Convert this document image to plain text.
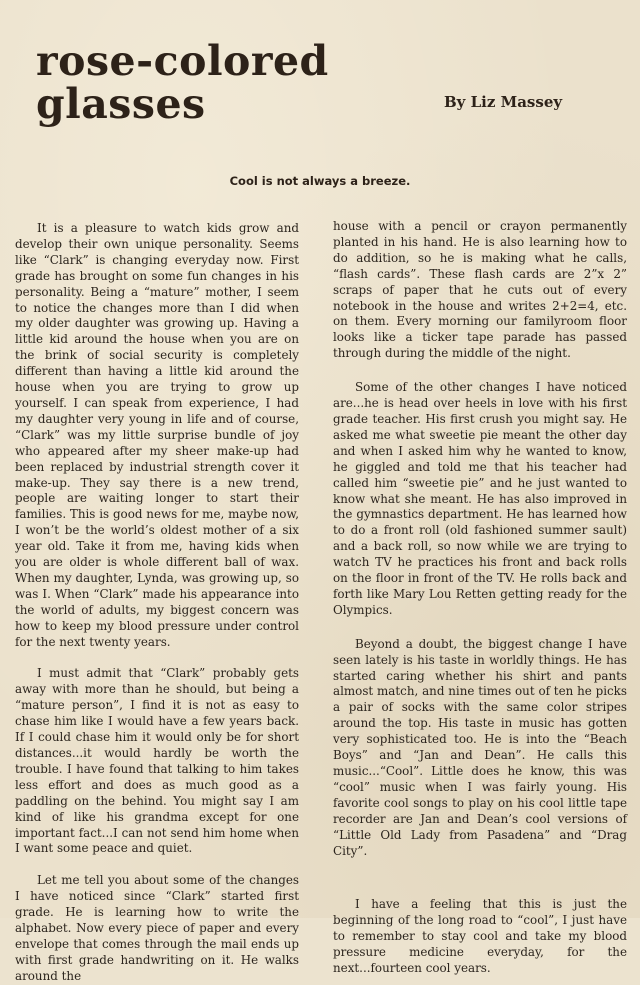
rose-colored
glasses	By Liz Massey
Cool is not always a breeze.

It is a pleasure to watch kids grow and develop their own unique personality. Seems like “Clark” is changing everyday now. First grade has brought on some fun changes in his personality. Being a “mature” mother, I seem to notice the changes more than I did when my older daughter was growing up. Having a little kid around the house when you are on the brink of social security is completely different than having a little kid around the house when you are trying to grow up yourself. I can speak from experience, I had my daughter very young in life and of course, “Clark” was my little surprise bundle of joy who appeared after my sheer make-up had been replaced by industrial strength cover it make-up. They say there is a new trend, people are waiting longer to start their families. This is good news for me, maybe now, I won’t be the world’s oldest mother of a six year old. Take it from me, having kids when you are older is whole different ball of wax. When my daughter, Lynda, was growing up, so was I. When “Clark” made his appearance into the world of adults, my biggest concern was how to keep my blood pressure under control for the next twenty years.

I must admit that “Clark” probably gets away with more than he should, but being a “mature person”, I find it is not as easy to chase him like I would have a few years back. If I could chase him it would only be for short distances...it would hardly be worth the trouble. I have found that talking to him takes less effort and does as much good as a paddling on the behind. You might say I am kind of like his grandma except for one important fact...I can not send him home when I want some peace and quiet.

Let me tell you about some of the changes I have noticed since “Clark” started first grade. He is learning how to write the alphabet. Now every piece of paper and every envelope that comes through the mail ends up with first grade handwriting on it. He walks around the

house with a pencil or crayon permanently planted in his hand. He is also learning how to do addition, so he is making what he calls, “flash cards”. These flash cards are 2”x 2” scraps of paper that he cuts out of every notebook in the house and writes 2+2=4, etc. on them. Every morning our familyroom floor looks like a ticker tape parade has passed through during the middle of the night.

Some of the other changes I have noticed are...he is head over heels in love with his first grade teacher. His first crush you might say. He asked me what sweetie pie meant the other day and when I asked him why he wanted to know, he giggled and told me that his teacher had called him “sweetie pie” and he just wanted to know what she meant. He has also improved in the gymnastics department. He has learned how to do a front roll (old fashioned summer sault) and a back roll, so now while we are trying to watch TV he practices his front and back rolls on the floor in front of the TV. He rolls back and forth like Mary Lou Retten getting ready for the Olympics.

Beyond a doubt, the biggest change I have seen lately is his taste in worldly things. He has started caring whether his shirt and pants almost match, and nine times out of ten he picks a pair of socks with the same color stripes around the top. His taste in music has gotten very sophisticated too. He is into the “Beach Boys” and “Jan and Dean”. He calls this music...“Cool”. Little does he know, this was “cool” music when I was fairly young. His favorite cool songs to play on his cool little tape recorder are Jan and Dean’s cool versions of “Little Old Lady from Pasadena” and “Drag City”.

I have a feeling that this is just the beginning of the long road to “cool”, I just have to remember to stay cool and take my blood pressure medicine everyday, for the next...fourteen cool years.
